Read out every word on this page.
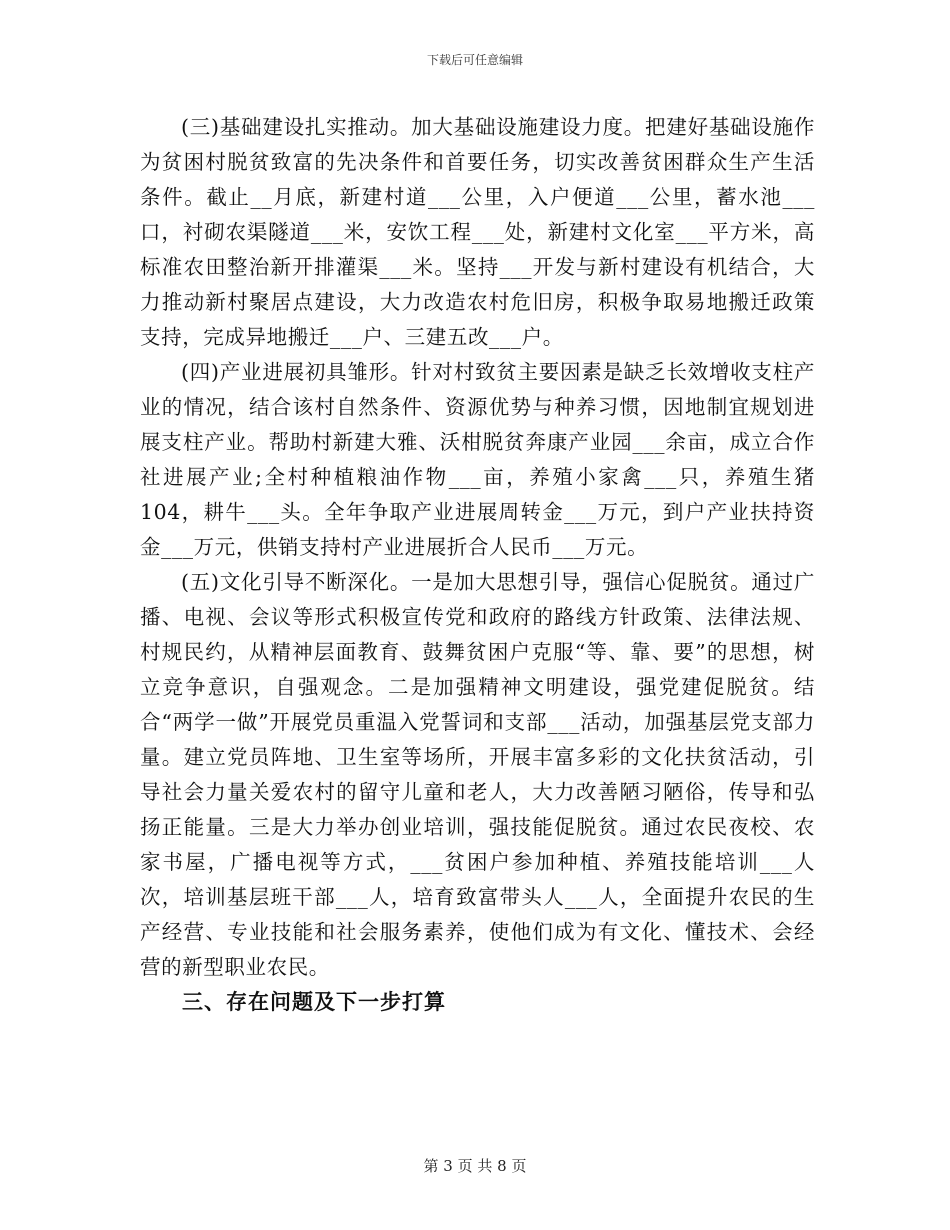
下载后可任意编辑

(三)基础建设扎实推动。加大基础设施建设力度。把建好基础设施作为贫困村脱贫致富的先决条件和首要任务，切实改善贫困群众生产生活条件。截止__月底，新建村道___公里，入户便道___公里，蓄水池___口，衬砌农渠隧道___米，安饮工程___处，新建村文化室___平方米，高标准农田整治新开排灌渠___米。坚持___开发与新村建设有机结合，大力推动新村聚居点建设，大力改造农村危旧房，积极争取易地搬迁政策支持，完成异地搬迁___户、三建五改___户。

(四)产业进展初具雏形。针对村致贫主要因素是缺乏长效增收支柱产业的情况，结合该村自然条件、资源优势与种养习惯，因地制宜规划进展支柱产业。帮助村新建大雅、沃柑脱贫奔康产业园___余亩，成立合作社进展产业;全村种植粮油作物___亩，养殖小家禽___只，养殖生猪104，耕牛___头。全年争取产业进展周转金___万元，到户产业扶持资金___万元，供销支持村产业进展折合人民币___万元。

(五)文化引导不断深化。一是加大思想引导，强信心促脱贫。通过广播、电视、会议等形式积极宣传党和政府的路线方针政策、法律法规、村规民约，从精神层面教育、鼓舞贫困户克服“等、靠、要”的思想，树立竞争意识，自强观念。二是加强精神文明建设，强党建促脱贫。结合“两学一做”开展党员重温入党誓词和支部___活动，加强基层党支部力量。建立党员阵地、卫生室等场所，开展丰富多彩的文化扶贫活动，引导社会力量关爱农村的留守儿童和老人，大力改善陋习陋俗，传导和弘扬正能量。三是大力举办创业培训，强技能促脱贫。通过农民夜校、农家书屋，广播电视等方式，___贫困户参加种植、养殖技能培训___人次，培训基层班干部___人，培育致富带头人___人，全面提升农民的生产经营、专业技能和社会服务素养，使他们成为有文化、懂技术、会经营的新型职业农民。

三、存在问题及下一步打算

第 3 页 共 8 页
